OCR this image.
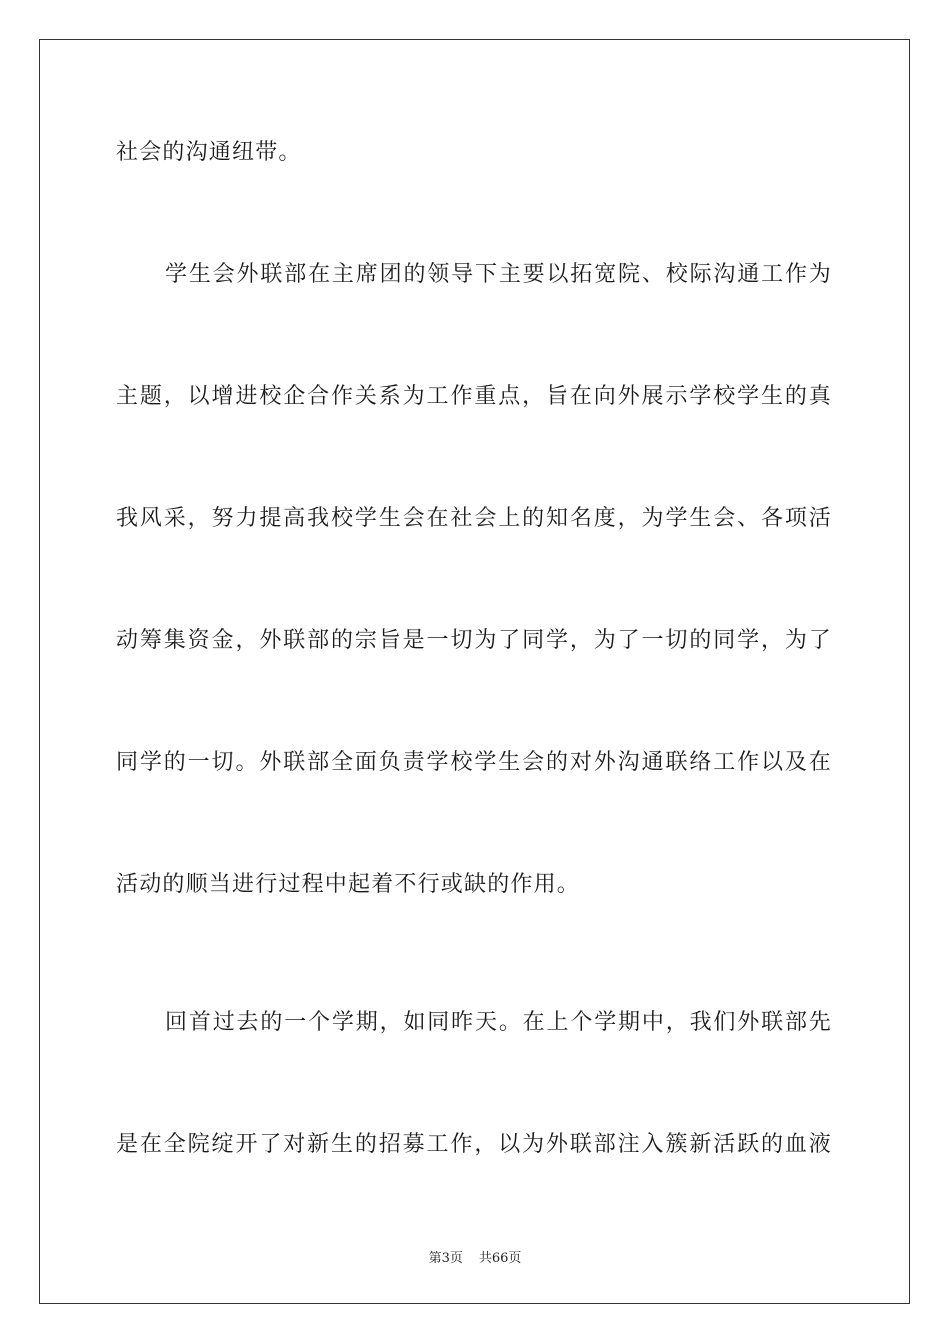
社会的沟通纽带。
学生会外联部在主席团的领导下主要以拓宽院、校际沟通工作为
主题，以增进校企合作关系为工作重点，旨在向外展示学校学生的真
我风采，努力提高我校学生会在社会上的知名度，为学生会、各项活
动筹集资金，外联部的宗旨是一切为了同学，为了一切的同学，为了
同学的一切。外联部全面负责学校学生会的对外沟通联络工作以及在
活动的顺当进行过程中起着不行或缺的作用。
回首过去的一个学期，如同昨天。在上个学期中，我们外联部先
是在全院绽开了对新生的招募工作，以为外联部注入簇新活跃的血液
第3页 共66页
